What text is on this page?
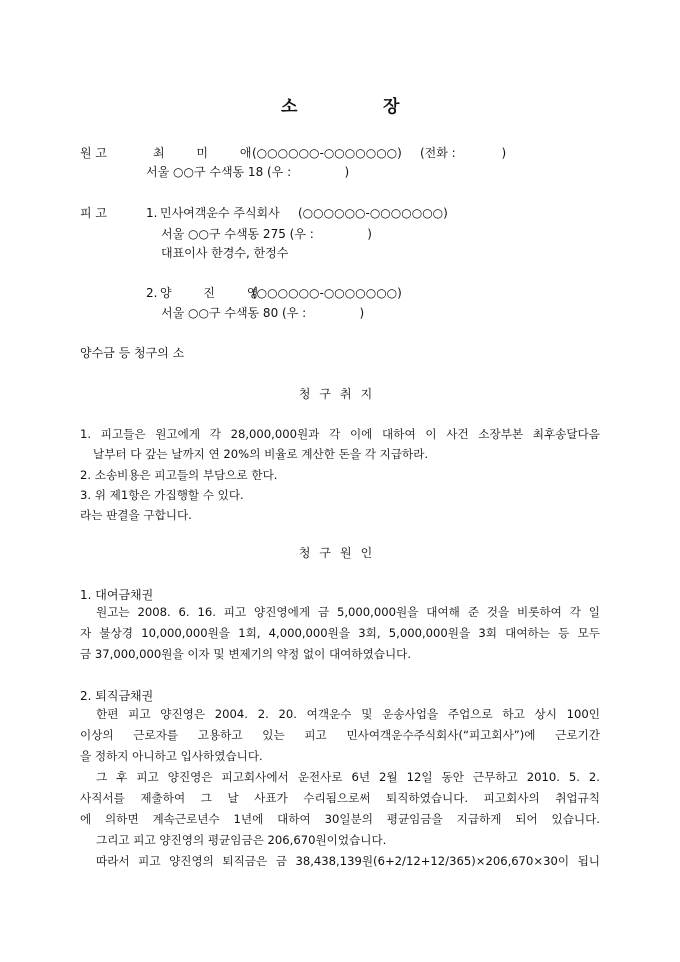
소	장
원 고	최 미 애
(○○○○○○-○○○○○○○) (전화 :            )
서울 ○○구 수색동 18 (우 :              )
피 고	1. 민사여객운수 주식회사 (○○○○○○-○○○○○○○)
서울 ○○구 수색동 275 (우 :              )
대표이사 한경수, 한정수
2. 양 진 영
(○○○○○○-○○○○○○○)
서울 ○○구 수색동 80 (우 :              )
양수금 등 청구의 소
청구취지
1. 피고들은 원고에게 각 28,000,000원과 각 이에 대하여 이 사건 소장부본 최후송달다음
날부터 다 갚는 날까지 연 20%의 비율로 계산한 돈을 각 지급하라.
2. 소송비용은 피고들의 부담으로 한다.
3. 위 제1항은 가집행할 수 있다.
라는 판결을 구합니다.
청구원인
1. 대여금채권
원고는 2008. 6. 16. 피고 양진영에게 금 5,000,000원을 대여해 준 것을 비롯하여 각 일
자 불상경 10,000,000원을 1회, 4,000,000원을 3회, 5,000,000원을 3회 대여하는 등 모두
금 37,000,000원을 이자 및 변제기의 약정 없이 대여하였습니다.
2. 퇴직금채권
한편 피고 양진영은 2004. 2. 20. 여객운수 및 운송사업을 주업으로 하고 상시 100인
이상의 근로자를 고용하고 있는 피고 민사여객운수주식회사(“피고회사”)에 근로기간
을 정하지 아니하고 입사하였습니다.
그 후 피고 양진영은 피고회사에서 운전사로 6년 2월 12일 동안 근무하고 2010. 5. 2.
사직서를 제출하여 그 날 사표가 수리됨으로써 퇴직하였습니다. 피고회사의 취업규칙
에 의하면 계속근로년수 1년에 대하여 30일분의 평균임금을 지급하게 되어 있습니다.
그리고 피고 양진영의 평균임금은 206,670원이었습니다.
따라서 피고 양진영의 퇴직금은 금 38,438,139원(6+2/12+12/365)×206,670×30이 됩니
